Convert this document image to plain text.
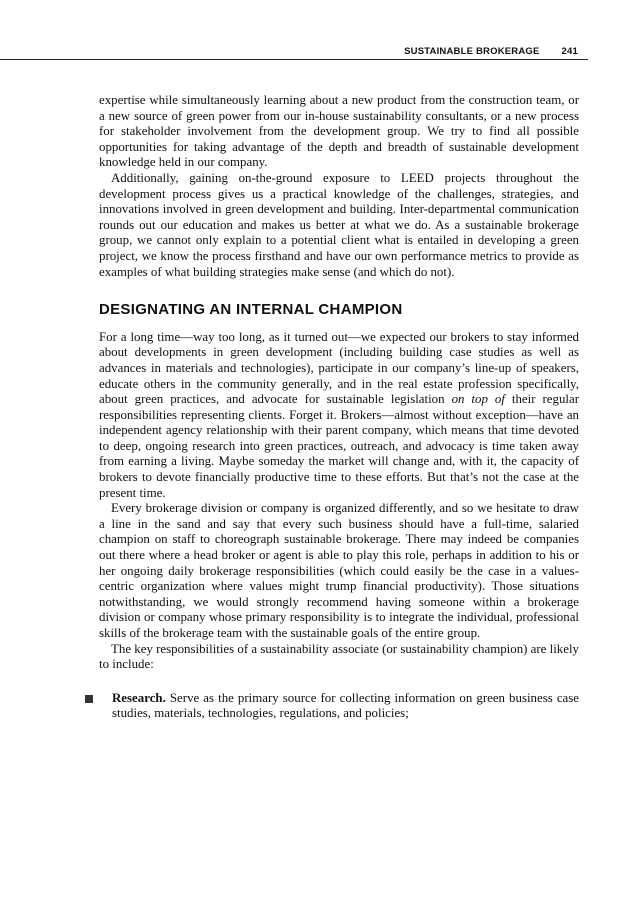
SUSTAINABLE BROKERAGE 241

expertise while simultaneously learning about a new product from the construction team, or a new source of green power from our in-house sustainability consultants, or a new process for stakeholder involvement from the development group. We try to find all possible opportunities for taking advantage of the depth and breadth of sustainable development knowledge held in our company.

Additionally, gaining on-the-ground exposure to LEED projects throughout the development process gives us a practical knowledge of the challenges, strategies, and innovations involved in green development and building. Inter-departmental communication rounds out our education and makes us better at what we do. As a sustainable brokerage group, we cannot only explain to a potential client what is entailed in developing a green project, we know the process firsthand and have our own performance metrics to provide as examples of what building strategies make sense (and which do not).

DESIGNATING AN INTERNAL CHAMPION

For a long time—way too long, as it turned out—we expected our brokers to stay informed about developments in green development (including building case studies as well as advances in materials and technologies), participate in our company’s line-up of speakers, educate others in the community generally, and in the real estate profession specifically, about green practices, and advocate for sustainable legislation on top of their regular responsibilities representing clients. Forget it. Brokers—almost without exception—have an independent agency relationship with their parent company, which means that time devoted to deep, ongoing research into green practices, outreach, and advocacy is time taken away from earning a living. Maybe someday the market will change and, with it, the capacity of brokers to devote financially productive time to these efforts. But that’s not the case at the present time.

Every brokerage division or company is organized differently, and so we hesitate to draw a line in the sand and say that every such business should have a full-time, salaried champion on staff to choreograph sustainable brokerage. There may indeed be companies out there where a head broker or agent is able to play this role, perhaps in addition to his or her ongoing daily brokerage responsibilities (which could easily be the case in a values-centric organization where values might trump financial productivity). Those situations notwithstanding, we would strongly recommend having someone within a brokerage division or company whose primary responsibility is to integrate the individual, professional skills of the brokerage team with the sustainable goals of the entire group.

The key responsibilities of a sustainability associate (or sustainability champion) are likely to include:

Research. Serve as the primary source for collecting information on green business case studies, materials, technologies, regulations, and policies;
